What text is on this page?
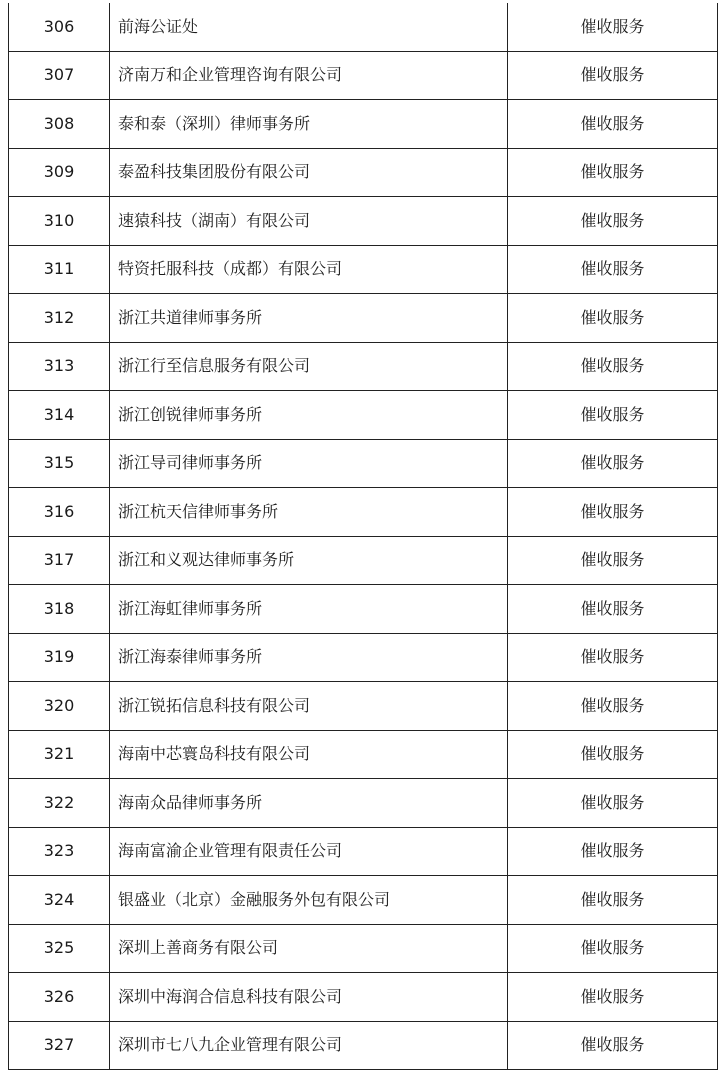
306	前海公证处	催收服务
307	济南万和企业管理咨询有限公司	催收服务
308	泰和泰（深圳）律师事务所	催收服务
309	泰盈科技集团股份有限公司	催收服务
310	速猿科技（湖南）有限公司	催收服务
311	特资托服科技（成都）有限公司	催收服务
312	浙江共道律师事务所	催收服务
313	浙江行至信息服务有限公司	催收服务
314	浙江创锐律师事务所	催收服务
315	浙江导司律师事务所	催收服务
316	浙江杭天信律师事务所	催收服务
317	浙江和义观达律师事务所	催收服务
318	浙江海虹律师事务所	催收服务
319	浙江海泰律师事务所	催收服务
320	浙江锐拓信息科技有限公司	催收服务
321	海南中芯寰岛科技有限公司	催收服务
322	海南众品律师事务所	催收服务
323	海南富渝企业管理有限责任公司	催收服务
324	银盛业（北京）金融服务外包有限公司	催收服务
325	深圳上善商务有限公司	催收服务
326	深圳中海润合信息科技有限公司	催收服务
327	深圳市七八九企业管理有限公司	催收服务
